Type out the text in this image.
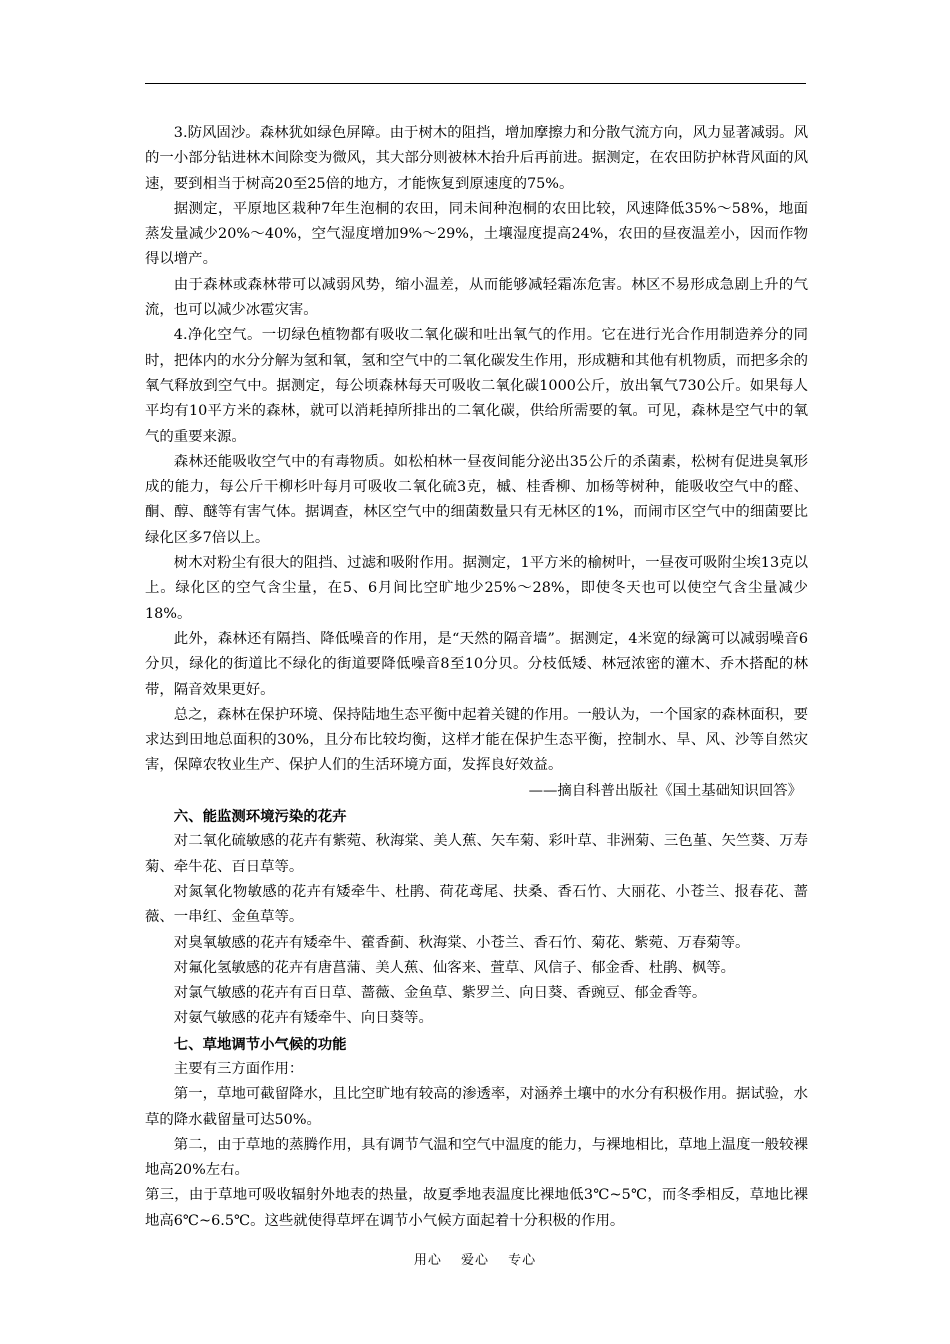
3.防风固沙。森林犹如绿色屏障。由于树木的阻挡，增加摩擦力和分散气流方向，风力显著减弱。风的一小部分钻进林木间除变为微风，其大部分则被林木抬升后再前进。据测定，在农田防护林背风面的风速，要到相当于树高20至25倍的地方，才能恢复到原速度的75%。

据测定，平原地区栽种7年生泡桐的农田，同未间种泡桐的农田比较，风速降低35%～58%，地面蒸发量减少20%～40%，空气湿度增加9%～29%，土壤湿度提高24%，农田的昼夜温差小，因而作物得以增产。

由于森林或森林带可以减弱风势，缩小温差，从而能够减轻霜冻危害。林区不易形成急剧上升的气流，也可以减少冰雹灾害。

4.净化空气。一切绿色植物都有吸收二氧化碳和吐出氧气的作用。它在进行光合作用制造养分的同时，把体内的水分分解为氢和氧，氢和空气中的二氧化碳发生作用，形成糖和其他有机物质，而把多余的氧气释放到空气中。据测定，每公顷森林每天可吸收二氧化碳1000公斤，放出氧气730公斤。如果每人平均有10平方米的森林，就可以消耗掉所排出的二氧化碳，供给所需要的氧。可见，森林是空气中的氧气的重要来源。

森林还能吸收空气中的有毒物质。如松柏林一昼夜间能分泌出35公斤的杀菌素，松树有促进臭氧形成的能力，每公斤干柳杉叶每月可吸收二氧化硫3克，槭、桂香柳、加杨等树种，能吸收空气中的醛、酮、醇、醚等有害气体。据调查，林区空气中的细菌数量只有无林区的1%，而闹市区空气中的细菌要比绿化区多7倍以上。

树木对粉尘有很大的阻挡、过滤和吸附作用。据测定，1平方米的榆树叶，一昼夜可吸附尘埃13克以上。绿化区的空气含尘量，在5、6月间比空旷地少25%～28%，即使冬天也可以使空气含尘量减少18%。

此外，森林还有隔挡、降低噪音的作用，是“天然的隔音墙”。据测定，4米宽的绿篱可以减弱噪音6分贝，绿化的街道比不绿化的街道要降低噪音8至10分贝。分枝低矮、林冠浓密的灌木、乔木搭配的林带，隔音效果更好。

总之，森林在保护环境、保持陆地生态平衡中起着关键的作用。一般认为，一个国家的森林面积，要求达到田地总面积的30%，且分布比较均衡，这样才能在保护生态平衡，控制水、旱、风、沙等自然灾害，保障农牧业生产、保护人们的生活环境方面，发挥良好效益。

——摘自科普出版社《国土基础知识回答》

六、能监测环境污染的花卉

对二氧化硫敏感的花卉有紫菀、秋海棠、美人蕉、矢车菊、彩叶草、非洲菊、三色堇、矢竺葵、万寿菊、牵牛花、百日草等。

对氮氧化物敏感的花卉有矮牵牛、杜鹃、荷花鸢尾、扶桑、香石竹、大丽花、小苍兰、报春花、蔷薇、一串红、金鱼草等。

对臭氧敏感的花卉有矮牵牛、藿香蓟、秋海棠、小苍兰、香石竹、菊花、紫菀、万春菊等。

对氟化氢敏感的花卉有唐菖蒲、美人蕉、仙客来、萱草、风信子、郁金香、杜鹃、枫等。

对氯气敏感的花卉有百日草、蔷薇、金鱼草、紫罗兰、向日葵、香豌豆、郁金香等。

对氨气敏感的花卉有矮牵牛、向日葵等。

七、草地调节小气候的功能

主要有三方面作用：

第一，草地可截留降水，且比空旷地有较高的渗透率，对涵养土壤中的水分有积极作用。据试验，水草的降水截留量可达50%。

第二，由于草地的蒸腾作用，具有调节气温和空气中温度的能力，与裸地相比，草地上温度一般较裸地高20%左右。

第三，由于草地可吸收辐射外地表的热量，故夏季地表温度比裸地低3℃~5℃，而冬季相反，草地比裸地高6℃~6.5℃。这些就使得草坪在调节小气候方面起着十分积极的作用。

用心　 爱心　 专心
